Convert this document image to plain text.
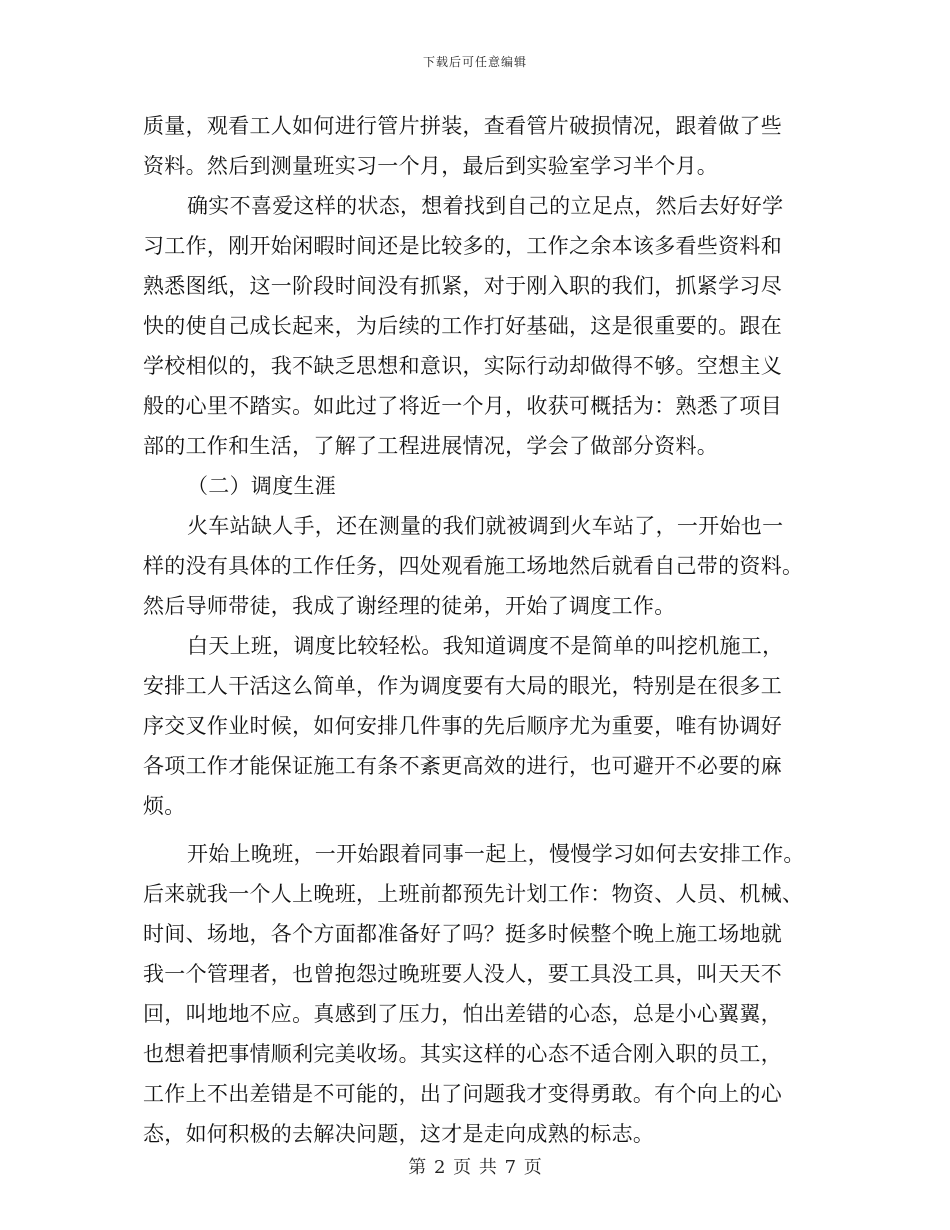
下载后可任意编辑
质量，观看工人如何进行管片拼装，查看管片破损情况，跟着做了些
资料。然后到测量班实习一个月，最后到实验室学习半个月。
确实不喜爱这样的状态，想着找到自己的立足点，然后去好好学
习工作，刚开始闲暇时间还是比较多的，工作之余本该多看些资料和
熟悉图纸，这一阶段时间没有抓紧，对于刚入职的我们，抓紧学习尽
快的使自己成长起来，为后续的工作打好基础，这是很重要的。跟在
学校相似的，我不缺乏思想和意识，实际行动却做得不够。空想主义
般的心里不踏实。如此过了将近一个月，收获可概括为：熟悉了项目
部的工作和生活，了解了工程进展情况，学会了做部分资料。
（二）调度生涯
火车站缺人手，还在测量的我们就被调到火车站了，一开始也一
样的没有具体的工作任务，四处观看施工场地然后就看自己带的资料。
然后导师带徒，我成了谢经理的徒弟，开始了调度工作。
白天上班，调度比较轻松。我知道调度不是简单的叫挖机施工，
安排工人干活这么简单，作为调度要有大局的眼光，特别是在很多工
序交叉作业时候，如何安排几件事的先后顺序尤为重要，唯有协调好
各项工作才能保证施工有条不紊更高效的进行，也可避开不必要的麻
烦。
开始上晚班，一开始跟着同事一起上，慢慢学习如何去安排工作。
后来就我一个人上晚班，上班前都预先计划工作：物资、人员、机械、
时间、场地，各个方面都准备好了吗？挺多时候整个晚上施工场地就
我一个管理者，也曾抱怨过晚班要人没人，要工具没工具，叫天天不
回，叫地地不应。真感到了压力，怕出差错的心态，总是小心翼翼，
也想着把事情顺利完美收场。其实这样的心态不适合刚入职的员工，
工作上不出差错是不可能的，出了问题我才变得勇敢。有个向上的心
态，如何积极的去解决问题，这才是走向成熟的标志。
第 2 页 共 7 页
